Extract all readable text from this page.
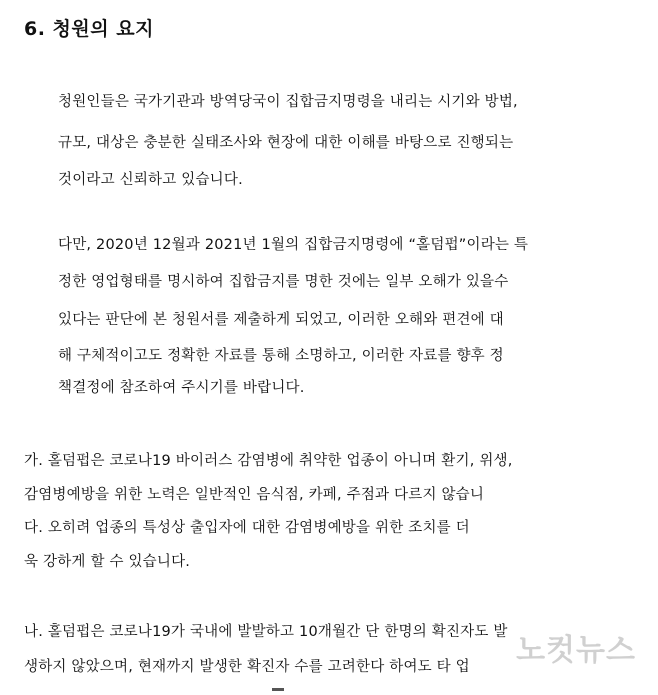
6. 청원의 요지
청원인들은 국가기관과 방역당국이 집합금지명령을 내리는 시기와 방법,
규모, 대상은 충분한 실태조사와 현장에 대한 이해를 바탕으로 진행되는
것이라고 신뢰하고 있습니다.
다만, 2020년 12월과 2021년 1월의 집합금지명령에 “홀덤펍”이라는 특
정한 영업형태를 명시하여 집합금지를 명한 것에는 일부 오해가 있을수
있다는 판단에 본 청원서를 제출하게 되었고, 이러한 오해와 편견에 대
해 구체적이고도 정확한 자료를 통해 소명하고, 이러한 자료를 향후 정
책결정에 참조하여 주시기를 바랍니다.
가. 홀덤펍은 코로나19 바이러스 감염병에 취약한 업종이 아니며 환기, 위생,
감염병예방을 위한 노력은 일반적인 음식점, 카페, 주점과 다르지 않습니
다. 오히려 업종의 특성상 출입자에 대한 감염병예방을 위한 조치를 더
욱 강하게 할 수 있습니다.
나. 홀덤펍은 코로나19가 국내에 발발하고 10개월간 단 한명의 확진자도 발
생하지 않았으며, 현재까지 발생한 확진자 수를 고려한다 하여도 타 업 노컷뉴스
